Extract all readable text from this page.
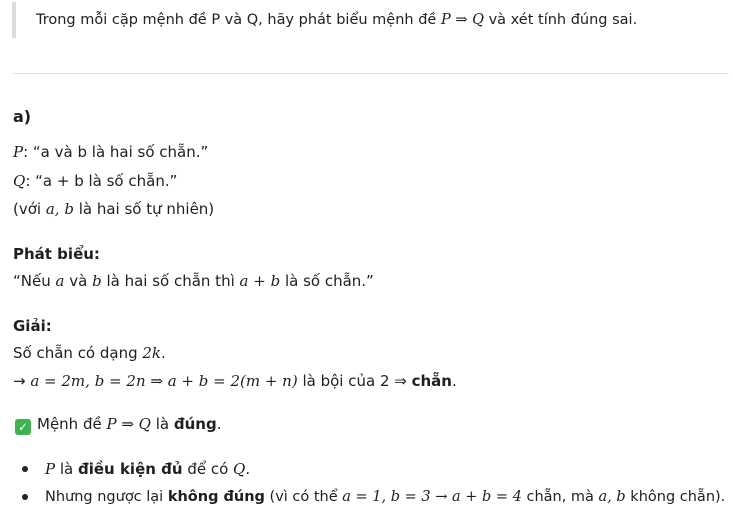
Trong mỗi cặp mệnh đề P và Q, hãy phát biểu mệnh đề P ⇒ Q và xét tính đúng sai.
a)
P: “a và b là hai số chẵn.”
Q: “a + b là số chẵn.”
(với a, b là hai số tự nhiên)
Phát biểu:
“Nếu a và b là hai số chẵn thì a + b là số chẵn.”
Giải:
Số chẵn có dạng 2k.
→ a = 2m, b = 2n ⇒ a + b = 2(m + n) là bội của 2 ⇒ chẵn.
✓ Mệnh đề P ⇒ Q là đúng.
P là điều kiện đủ để có Q.
Nhưng ngược lại không đúng (vì có thể a = 1, b = 3 → a + b = 4 chẵn, mà a, b không chẵn).
